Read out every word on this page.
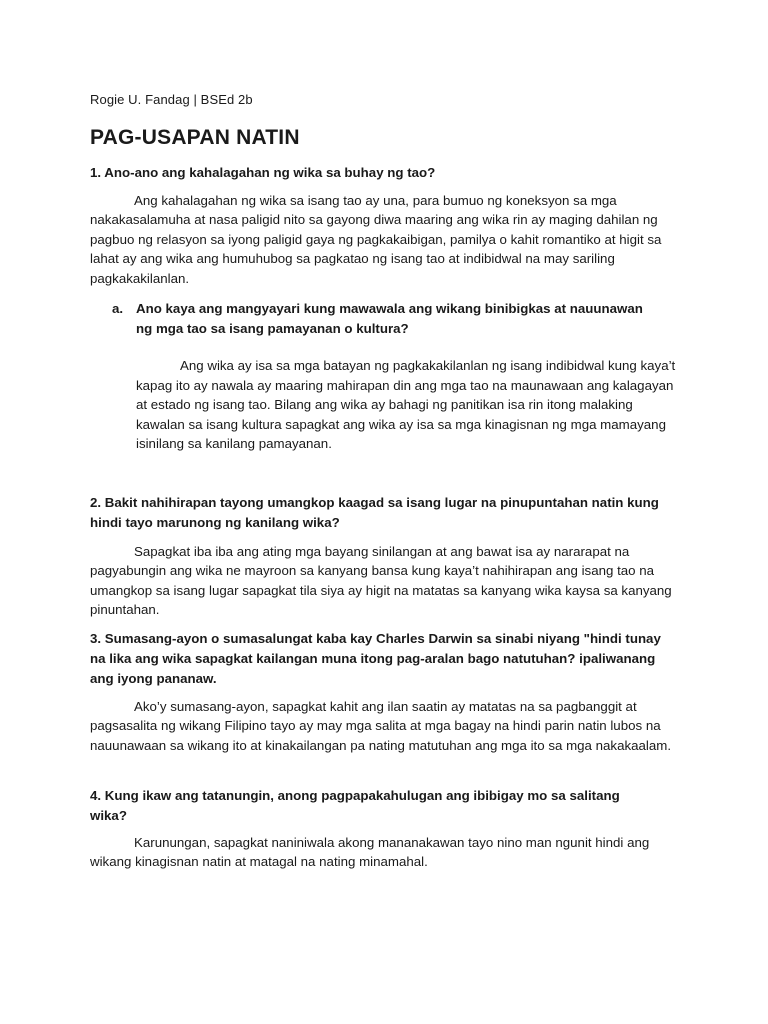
Rogie U. Fandag | BSEd 2b

PAG-USAPAN NATIN

1. Ano-ano ang kahalagahan ng wika sa buhay ng tao?

Ang kahalagahan ng wika sa isang tao ay una, para bumuo ng koneksyon sa mga nakakasalamuha at nasa paligid nito sa gayong diwa maaring ang wika rin ay maging dahilan ng pagbuo ng relasyon sa iyong paligid gaya ng pagkakaibigan, pamilya o kahit romantiko at higit sa lahat ay ang wika ang humuhubog sa pagkatao ng isang tao at indibidwal na may sariling pagkakakilanlan.

a. Ano kaya ang mangyayari kung mawawala ang wikang binibigkas at nauunawan ng mga tao sa isang pamayanan o kultura?

Ang wika ay isa sa mga batayan ng pagkakakilanlan ng isang indibidwal kung kaya’t kapag ito ay nawala ay maaring mahirapan din ang mga tao na maunawaan ang kalagayan at estado ng isang tao. Bilang ang wika ay bahagi ng panitikan isa rin itong malaking kawalan sa isang kultura sapagkat ang wika ay isa sa mga kinagisnan ng mga mamayang isinilang sa kanilang pamayanan.

2. Bakit nahihirapan tayong umangkop kaagad sa isang lugar na pinupuntahan natin kung hindi tayo marunong ng kanilang wika?

Sapagkat iba iba ang ating mga bayang sinilangan at ang bawat isa ay nararapat na pagyabungin ang wika ne mayroon sa kanyang bansa kung kaya’t nahihirapan ang isang tao na umangkop sa isang lugar sapagkat tila siya ay higit na matatas sa kanyang wika kaysa sa kanyang pinuntahan.

3. Sumasang-ayon o sumasalungat kaba kay Charles Darwin sa sinabi niyang "hindi tunay na lika ang wika sapagkat kailangan muna itong pag-aralan bago natutuhan? ipaliwanang ang iyong pananaw.

Ako’y sumasang-ayon, sapagkat kahit ang ilan saatin ay matatas na sa pagbanggit at pagsasalita ng wikang Filipino tayo ay may mga salita at mga bagay na hindi parin natin lubos na nauunawaan sa wikang ito at kinakailangan pa nating matutuhan ang mga ito sa mga nakakaalam.

4. Kung ikaw ang tatanungin, anong pagpapakahulugan ang ibibigay mo sa salitang wika?

Karunungan, sapagkat naniniwala akong mananakawan tayo nino man ngunit hindi ang wikang kinagisnan natin at matagal na nating minamahal.
